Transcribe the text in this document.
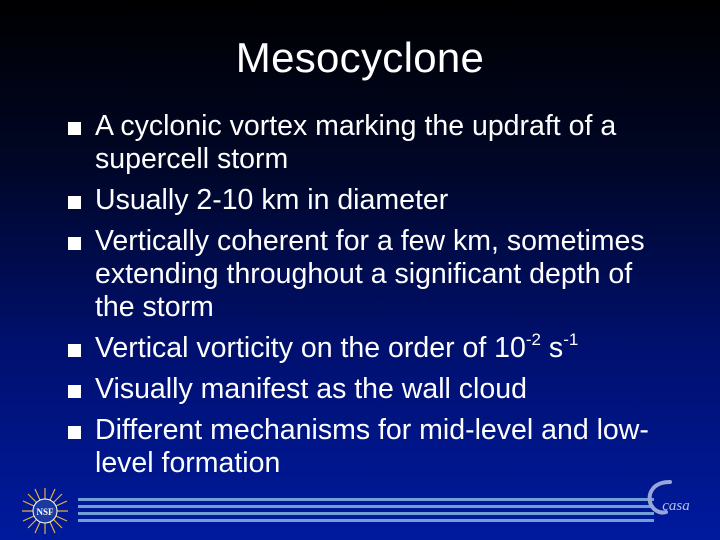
Mesocyclone
A cyclonic vortex marking the updraft of a supercell storm
Usually 2-10 km in diameter
Vertically coherent for a few km, sometimes extending throughout a significant depth of the storm
Vertical vorticity on the order of $10^{-2}$ $s^{-1}$
Visually manifest as the wall cloud
Different mechanisms for mid-level and low-level formation
NSF	casa
